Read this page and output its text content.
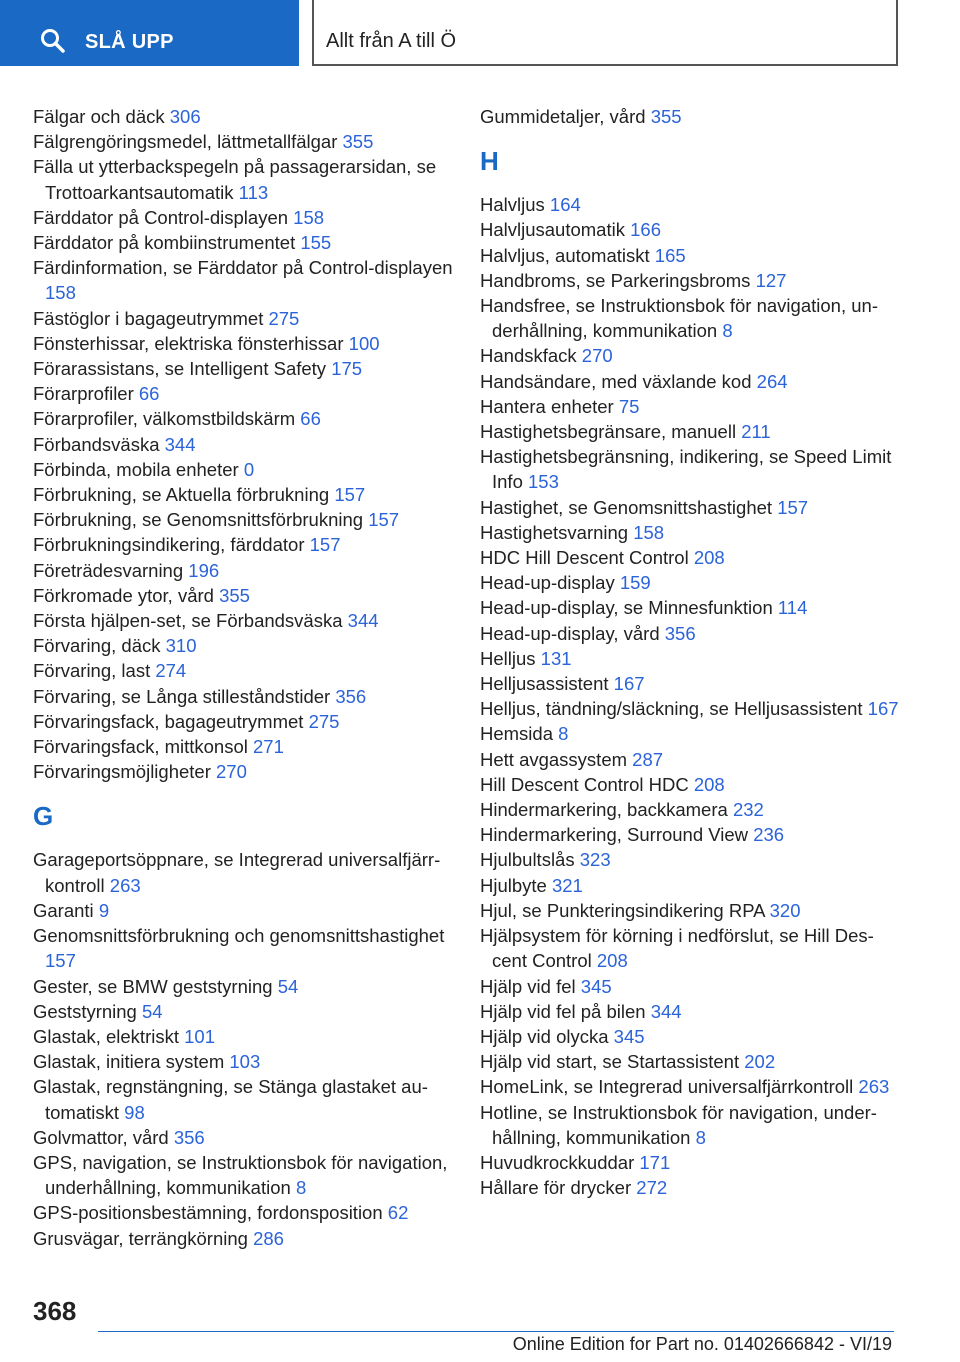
SLÅ UPP	Allt från A till Ö

Fälgar och däck 306

Fälgrengöringsmedel, lättmetallfälgar 355

Fälla ut ytterbackspegeln på passagerarsidan, se Trottoarkantsautomatik 113

Färddator på Control-displayen 158

Färddator på kombiinstrumentet 155

Färdinformation, se Färddator på Control-displayen 158

Fästöglor i bagageutrymmet 275

Fönsterhissar, elektriska fönsterhissar 100

Förarassistans, se Intelligent Safety 175

Förarprofiler 66

Förarprofiler, välkomstbildskärm 66

Förbandsväska 344

Förbinda, mobila enheter 0

Förbrukning, se Aktuella förbrukning 157

Förbrukning, se Genomsnittsförbrukning 157

Förbrukningsindikering, färddator 157

Företrädesvarning 196

Förkromade ytor, vård 355

Första hjälpen-set, se Förbandsväska 344

Förvaring, däck 310

Förvaring, last 274

Förvaring, se Långa stilleståndstider 356

Förvaringsfack, bagageutrymmet 275

Förvaringsfack, mittkonsol 271

Förvaringsmöjligheter 270

G

Garageportsöppnare, se Integrerad universalfjärrkontroll 263

Garanti 9

Genomsnittsförbrukning och genomsnittshastighet 157

Gester, se BMW geststyrning 54

Geststyrning 54

Glastak, elektriskt 101

Glastak, initiera system 103

Glastak, regnstängning, se Stänga glastaket automatiskt 98

Golvmattor, vård 356

GPS, navigation, se Instruktionsbok för navigation, underhållning, kommunikation 8

GPS-positionsbestämning, fordonsposition 62

Grusvägar, terrängkörning 286

Gummidetaljer, vård 355

H

Halvljus 164

Halvljusautomatik 166

Halvljus, automatiskt 165

Handbroms, se Parkeringsbroms 127

Handsfree, se Instruktionsbok för navigation, underhållning, kommunikation 8

Handskfack 270

Handsändare, med växlande kod 264

Hantera enheter 75

Hastighetsbegränsare, manuell 211

Hastighetsbegränsning, indikering, se Speed Limit Info 153

Hastighet, se Genomsnittshastighet 157

Hastighetsvarning 158

HDC Hill Descent Control 208

Head-up-display 159

Head-up-display, se Minnesfunktion 114

Head-up-display, vård 356

Helljus 131

Helljusassistent 167

Helljus, tändning/släckning, se Helljusassistent 167

Hemsida 8

Hett avgassystem 287

Hill Descent Control HDC 208

Hindermarkering, backkamera 232

Hindermarkering, Surround View 236

Hjulbultslås 323

Hjulbyte 321

Hjul, se Punkteringsindikering RPA 320

Hjälpsystem för körning i nedförslut, se Hill Descent Control 208

Hjälp vid fel 345

Hjälp vid fel på bilen 344

Hjälp vid olycka 345

Hjälp vid start, se Startassistent 202

HomeLink, se Integrerad universalfjärrkontroll 263

Hotline, se Instruktionsbok för navigation, underhållning, kommunikation 8

Huvudkrockkuddar 171

Hållare för drycker 272

368
Online Edition for Part no. 01402666842 - VI/19
